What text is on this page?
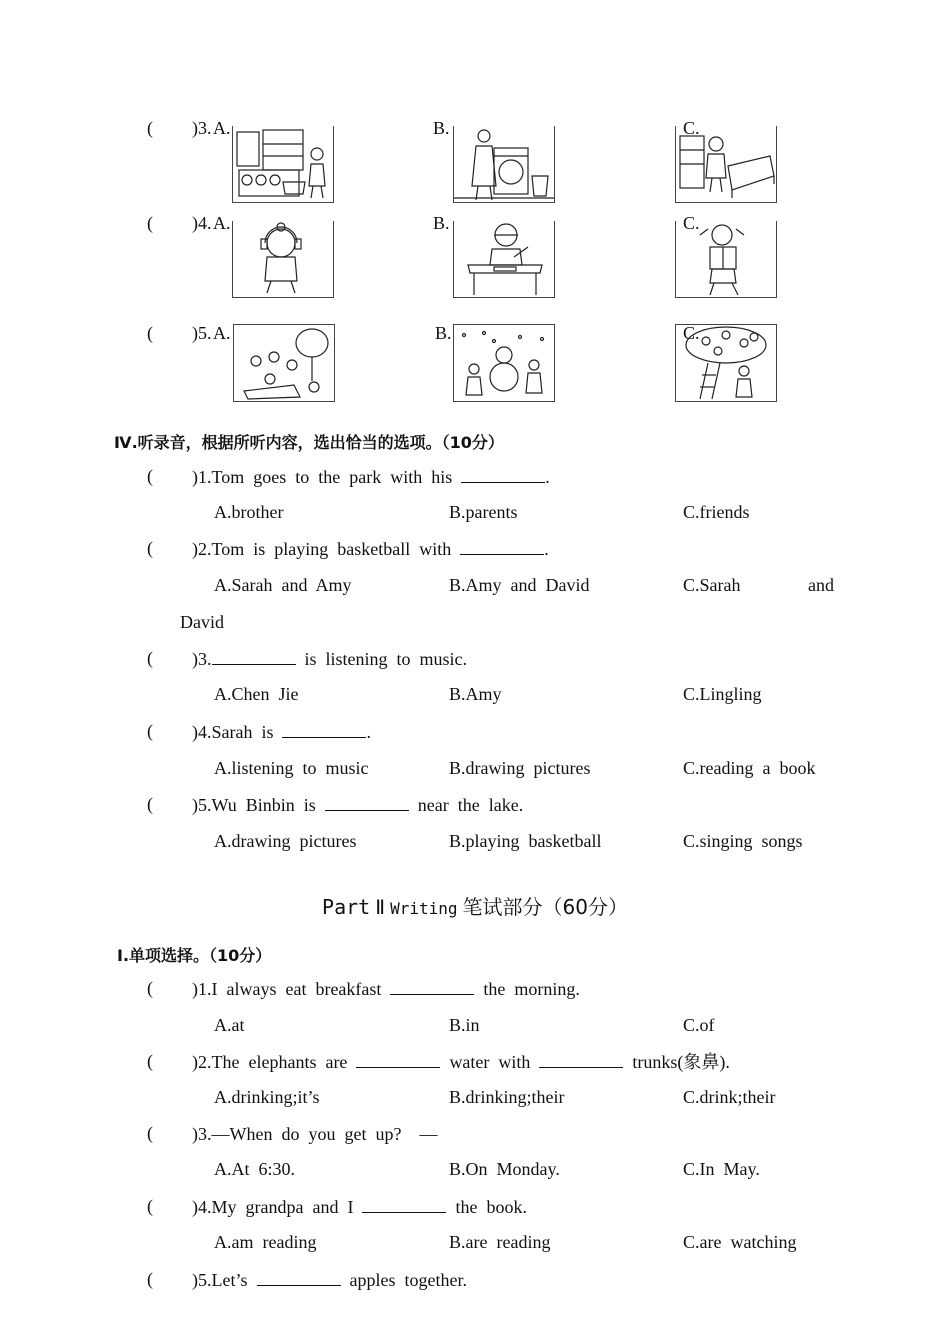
( )3. A.	B.	C.
( )4. A.	B.	C.
( )5. A.	B.	C.
Ⅳ.听录音，根据所听内容，选出恰当的选项。（10分）
( )1.Tom  goes  to  the  park  with  his	.
A.brother	B.parents	C.friends
( )2.Tom  is  playing  basketball  with	.
A.Sarah  and  Amy	B.Amy  and  David	C.Sarah	and
David
( )3.	is  listening  to  music.
A.Chen  Jie	B.Amy	C.Lingling
( )4.Sarah  is	.
A.listening  to  music	B.drawing  pictures	C.reading  a  book
( )5.Wu  Binbin  is	near  the  lake.
A.drawing  pictures	B.playing  basketball	C.singing  songs
Part Ⅱ Writing 笔试部分（60分）
Ⅰ.单项选择。（10分）
( )1.I  always  eat  breakfast	the  morning.
A.at	B.in	C.of
( )2.The  elephants  are	water  with	trunks(象鼻).
A.drinking;it’s	B.drinking;their	C.drink;their
( )3.—When  do  you  get  up?    —
A.At  6:30.	B.On  Monday.	C.In  May.
( )4.My  grandpa  and  I	the  book.
A.am  reading	B.are  reading	C.are  watching
( )5.Let’s	apples  together.
